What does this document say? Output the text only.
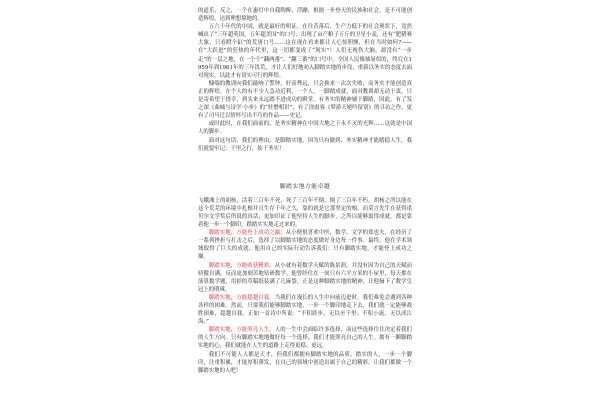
的道乐、反之，一个在惠灯中自我陶醉、浮躁，根据一步登天的民族和社会，是不可能创造辉煌，达到理想境地的。

五六十年代的中国，就是最好的明证。在往昔落后、生产力低下的社会现状下，竟然喊出了“三年超英国，五年超美国”的口号；出现了亩产粮子万斤的卫星小麦，还有“肥猪赛大象，只看瞪个缸”的荒唐口号……这在现在看来都让人心惊胆颤，但在当时如何?——在“大跃进”的狂热的年代里，这一切都变成了“现实”！人们无视伤大脑，却没有“一步走”的一层之地，在一个个“翻两番”、“翻三番”的口号中，全国人民像抽屉似的，终究在1959年到1961年的三年饥荒，才让人们好地劝入脚踏实地的步伐，重新以务实的态度去面对现实，以此才有切实可行的辉煌。

慷端的教训向我们敲响了警钟，好高骛远，只会换来一次次失败，而务实才能创造真正的辉煌。在个人的有不少人急功近利，一个人，一脚踏成就，面对教训却无动于衷。只是寄希望于侥幸，到头来永远踏不进成功的殿堂。有务实的精神辅于脚踏，因此，有了发之深《曲城与诗学·小步》的“驻僧相识”，有了徐霞客《梦游天姥吟留别》的寻访之作，更有了司马迁以情怀写出不巧的作品——史记。

或时此时，在我们面前的，是务实精神在中国大地之下永不灭的光辉……这就是中国人的脚步。

面对这句话，我们的理由，是脚踏实地，因为只有做到、务实精神才能踏稳人生，我们就要牢记：千里之行，始于务实！

脚踏实地方能卓越

飞蛾滩上的胡杨，活着三百年不死，死了三百年不倒，倒了三百年不朽。胡杨之所以能在这个荒芜的环境中扎根并且生存千年之久，靠的就是它那坚定的根。而莫言先生在获得诺贝尔文学奖后所说的真话，更加印证了他坚持人生的脚步，之所以能够取得成就，都是靠着他一步一个脚印，踏踏实实地走过来的。

脚踏实地，方能登上成功之巅。从小便很喜欢中医、数学、文学的郑也夫，在经历了一系列挫折与打击之后，选择了以脚踏实地的态度做好身边每一件事。最终，他在学术领域取得了巨大的成就。他用自己的实际行动告诉我们：只有脚踏实地，才能登上成功之巅。

脚踏实地，方能收获精彩。从小就有着数学天赋的陈景润，并没有因为自己的天赋而骄傲自满，反而更加刻苦地钻研数学。他曾经住在一间只有六平方米的小屋里，每天都在演算数学题，用掉的草稿纸装满了几麻袋。正是这种脚踏实地的精神，让他摘下了数学皇冠上的明珠。

脚踏实地，方能超越自我。当我们在漫长的人生中向前迈进时，我们难免会遇到各种各样的困难。然而，只要我们能够脚踏实地，一步一个脚印地走下去，我们就一定能够战胜困难，超越自我。正如一首诗中所说：“不积跬步，无以至千里；不积小流，无以成江海。”

脚踏实地，方能照亮人生。人的一生中会面临许多选择，而这些选择往往决定着我们的人生方向。只有脚踏实地地做好每一个选择，我们才能照亮自己的人生。拥有一颗脚踏实地的心，我们就能在人生的道路上走得更稳、更远。

我们不可能人人都是天才，但我们都拥有脚踏实地的品质。踏实的人，一步一个脚印，注重积累，才能厚积薄发，在自己的领域中创造出属于自己的精彩。让我们都做一个脚踏实地的人吧！
